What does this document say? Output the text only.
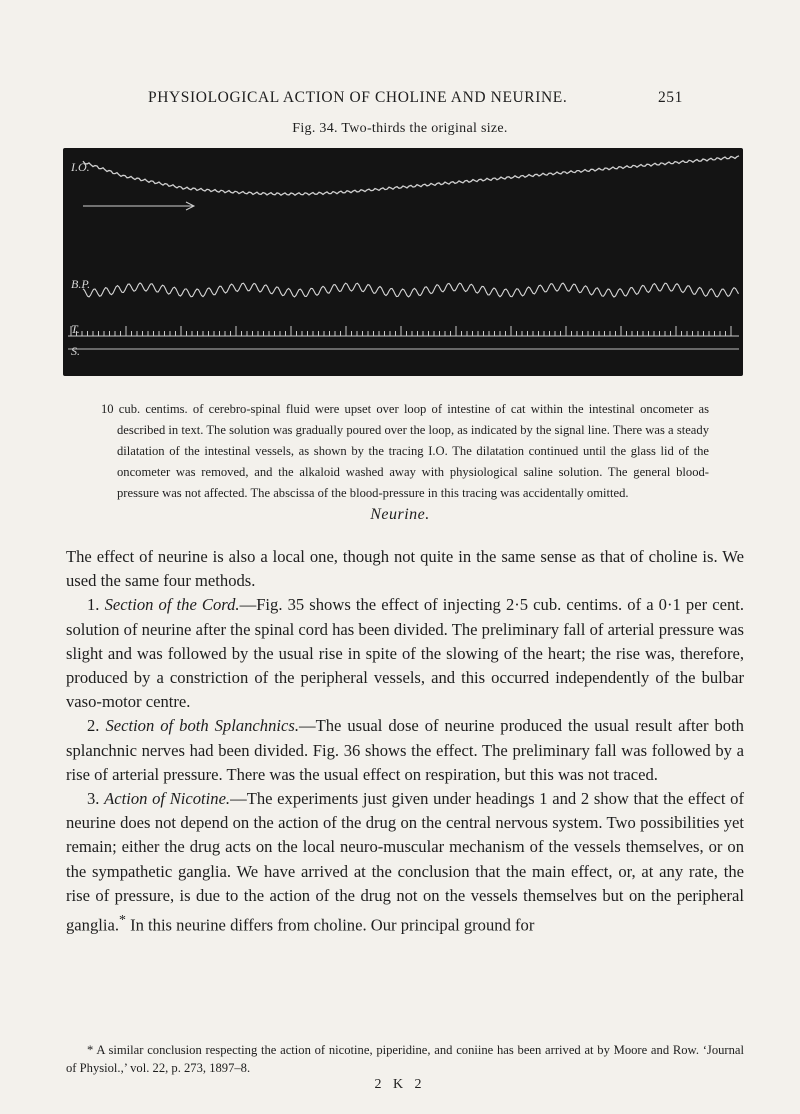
PHYSIOLOGICAL ACTION OF CHOLINE AND NEURINE.	251
Fig. 34. Two-thirds the original size.
I.O.
B.P.
T.
S.
10 cub. centims. of cerebro-spinal fluid were upset over loop of intestine of cat within the intestinal oncometer as described in text. The solution was gradually poured over the loop, as indicated by the signal line. There was a steady dilatation of the intestinal vessels, as shown by the tracing I.O. The dilatation continued until the glass lid of the oncometer was removed, and the alkaloid washed away with physiological saline solution. The general blood-pressure was not affected. The abscissa of the blood-pressure in this tracing was accidentally omitted.
Neurine.

The effect of neurine is also a local one, though not quite in the same sense as that of choline is. We used the same four methods.

1. Section of the Cord.—Fig. 35 shows the effect of injecting 2·5 cub. centims. of a 0·1 per cent. solution of neurine after the spinal cord has been divided. The preliminary fall of arterial pressure was slight and was followed by the usual rise in spite of the slowing of the heart; the rise was, therefore, produced by a constriction of the peripheral vessels, and this occurred independently of the bulbar vaso-motor centre.

2. Section of both Splanchnics.—The usual dose of neurine produced the usual result after both splanchnic nerves had been divided. Fig. 36 shows the effect. The preliminary fall was followed by a rise of arterial pressure. There was the usual effect on respiration, but this was not traced.

3. Action of Nicotine.—The experiments just given under headings 1 and 2 show that the effect of neurine does not depend on the action of the drug on the central nervous system. Two possibilities yet remain; either the drug acts on the local neuro-muscular mechanism of the vessels themselves, or on the sympathetic ganglia. We have arrived at the conclusion that the main effect, or, at any rate, the rise of pressure, is due to the action of the drug not on the vessels themselves but on the peripheral ganglia.* In this neurine differs from choline. Our principal ground for

* A similar conclusion respecting the action of nicotine, piperidine, and coniine has been arrived at by Moore and Row. ‘Journal of Physiol.,’ vol. 22, p. 273, 1897–8.

2 K 2
